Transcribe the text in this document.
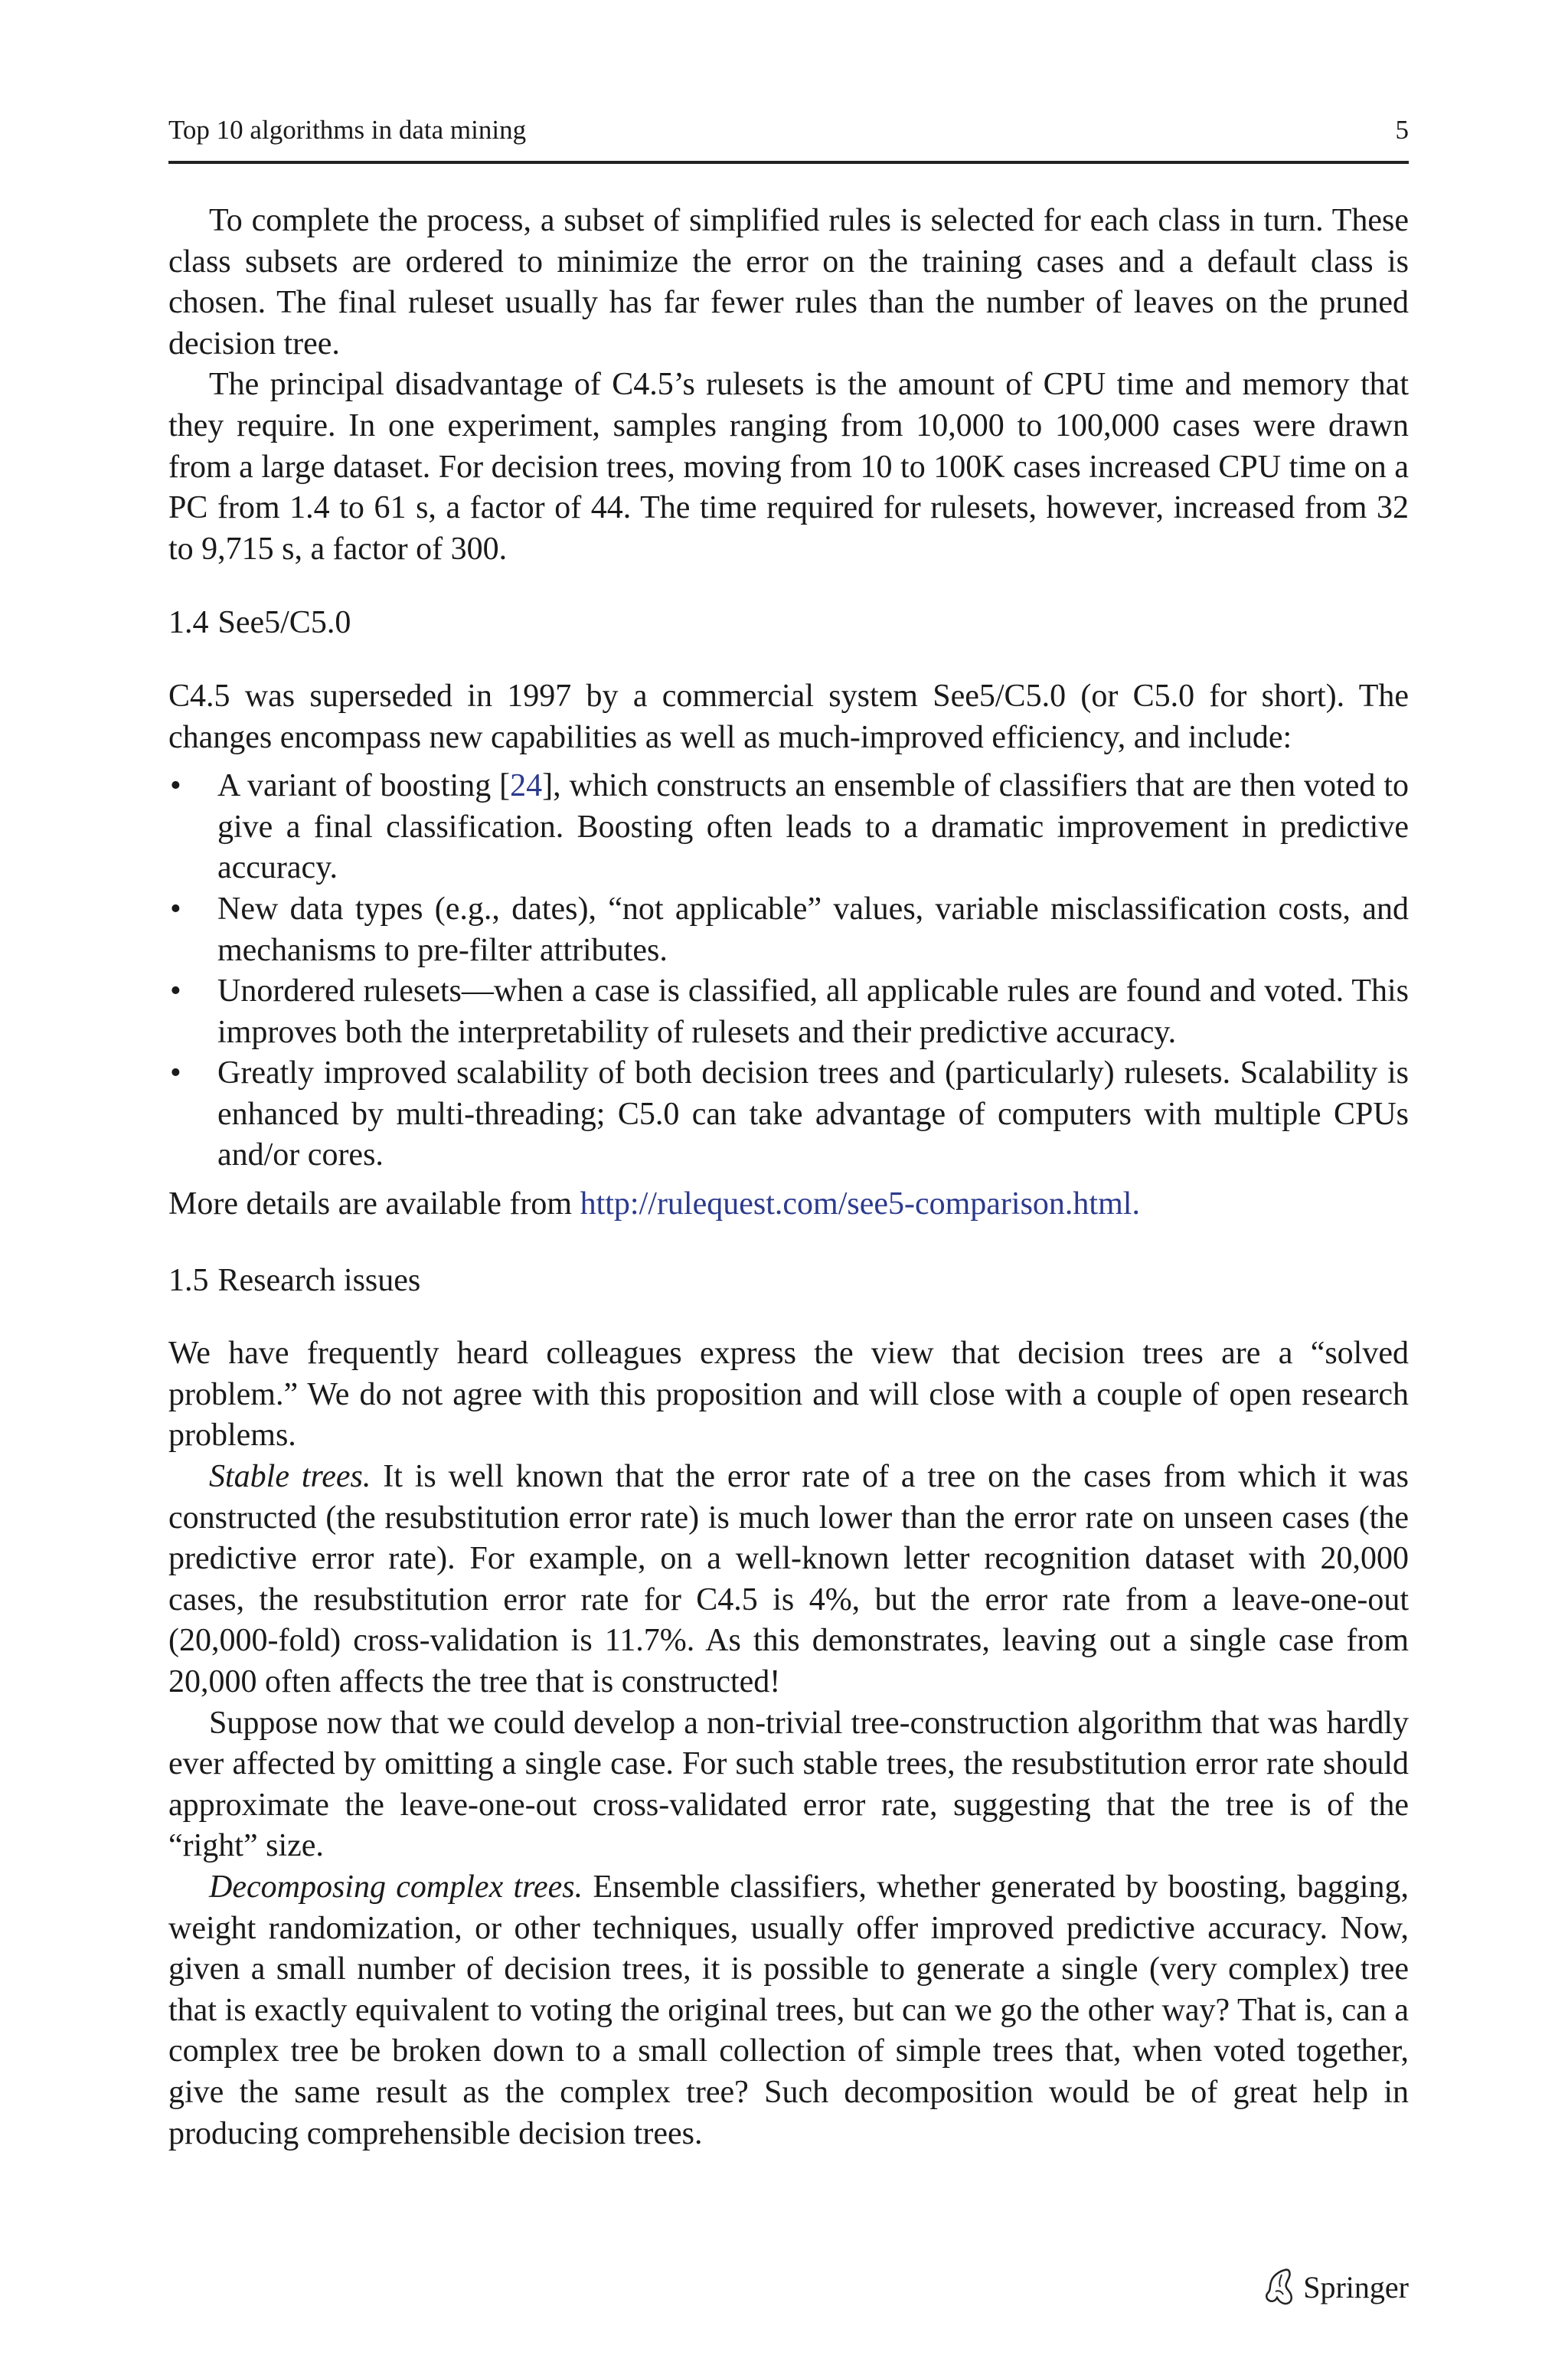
Top 10 algorithms in data mining	5

To complete the process, a subset of simplified rules is selected for each class in turn. These class subsets are ordered to minimize the error on the training cases and a default class is chosen. The final ruleset usually has far fewer rules than the number of leaves on the pruned decision tree.

The principal disadvantage of C4.5’s rulesets is the amount of CPU time and memory that they require. In one experiment, samples ranging from 10,000 to 100,000 cases were drawn from a large dataset. For decision trees, moving from 10 to 100K cases increased CPU time on a PC from 1.4 to 61 s, a factor of 44. The time required for rulesets, however, increased from 32 to 9,715 s, a factor of 300.

1.4 See5/C5.0

C4.5 was superseded in 1997 by a commercial system See5/C5.0 (or C5.0 for short). The changes encompass new capabilities as well as much-improved efficiency, and include:

• A variant of boosting [24], which constructs an ensemble of classifiers that are then voted to give a final classification. Boosting often leads to a dramatic improvement in predictive accuracy.
• New data types (e.g., dates), “not applicable” values, variable misclassification costs, and mechanisms to pre-filter attributes.
• Unordered rulesets—when a case is classified, all applicable rules are found and voted. This improves both the interpretability of rulesets and their predictive accuracy.
• Greatly improved scalability of both decision trees and (particularly) rulesets. Scalability is enhanced by multi-threading; C5.0 can take advantage of computers with multiple CPUs and/or cores.

More details are available from http://rulequest.com/see5-comparison.html.

1.5 Research issues

We have frequently heard colleagues express the view that decision trees are a “solved problem.” We do not agree with this proposition and will close with a couple of open research problems.

Stable trees. It is well known that the error rate of a tree on the cases from which it was constructed (the resubstitution error rate) is much lower than the error rate on unseen cases (the predictive error rate). For example, on a well-known letter recognition dataset with 20,000 cases, the resubstitution error rate for C4.5 is 4%, but the error rate from a leave-one-out (20,000-fold) cross-validation is 11.7%. As this demonstrates, leaving out a single case from 20,000 often affects the tree that is constructed!

Suppose now that we could develop a non-trivial tree-construction algorithm that was hardly ever affected by omitting a single case. For such stable trees, the resubstitution error rate should approximate the leave-one-out cross-validated error rate, suggesting that the tree is of the “right” size.

Decomposing complex trees. Ensemble classifiers, whether generated by boosting, bagging, weight randomization, or other techniques, usually offer improved predictive accuracy. Now, given a small number of decision trees, it is possible to generate a single (very complex) tree that is exactly equivalent to voting the original trees, but can we go the other way? That is, can a complex tree be broken down to a small collection of simple trees that, when voted together, give the same result as the complex tree? Such decomposition would be of great help in producing comprehensible decision trees.

Springer
